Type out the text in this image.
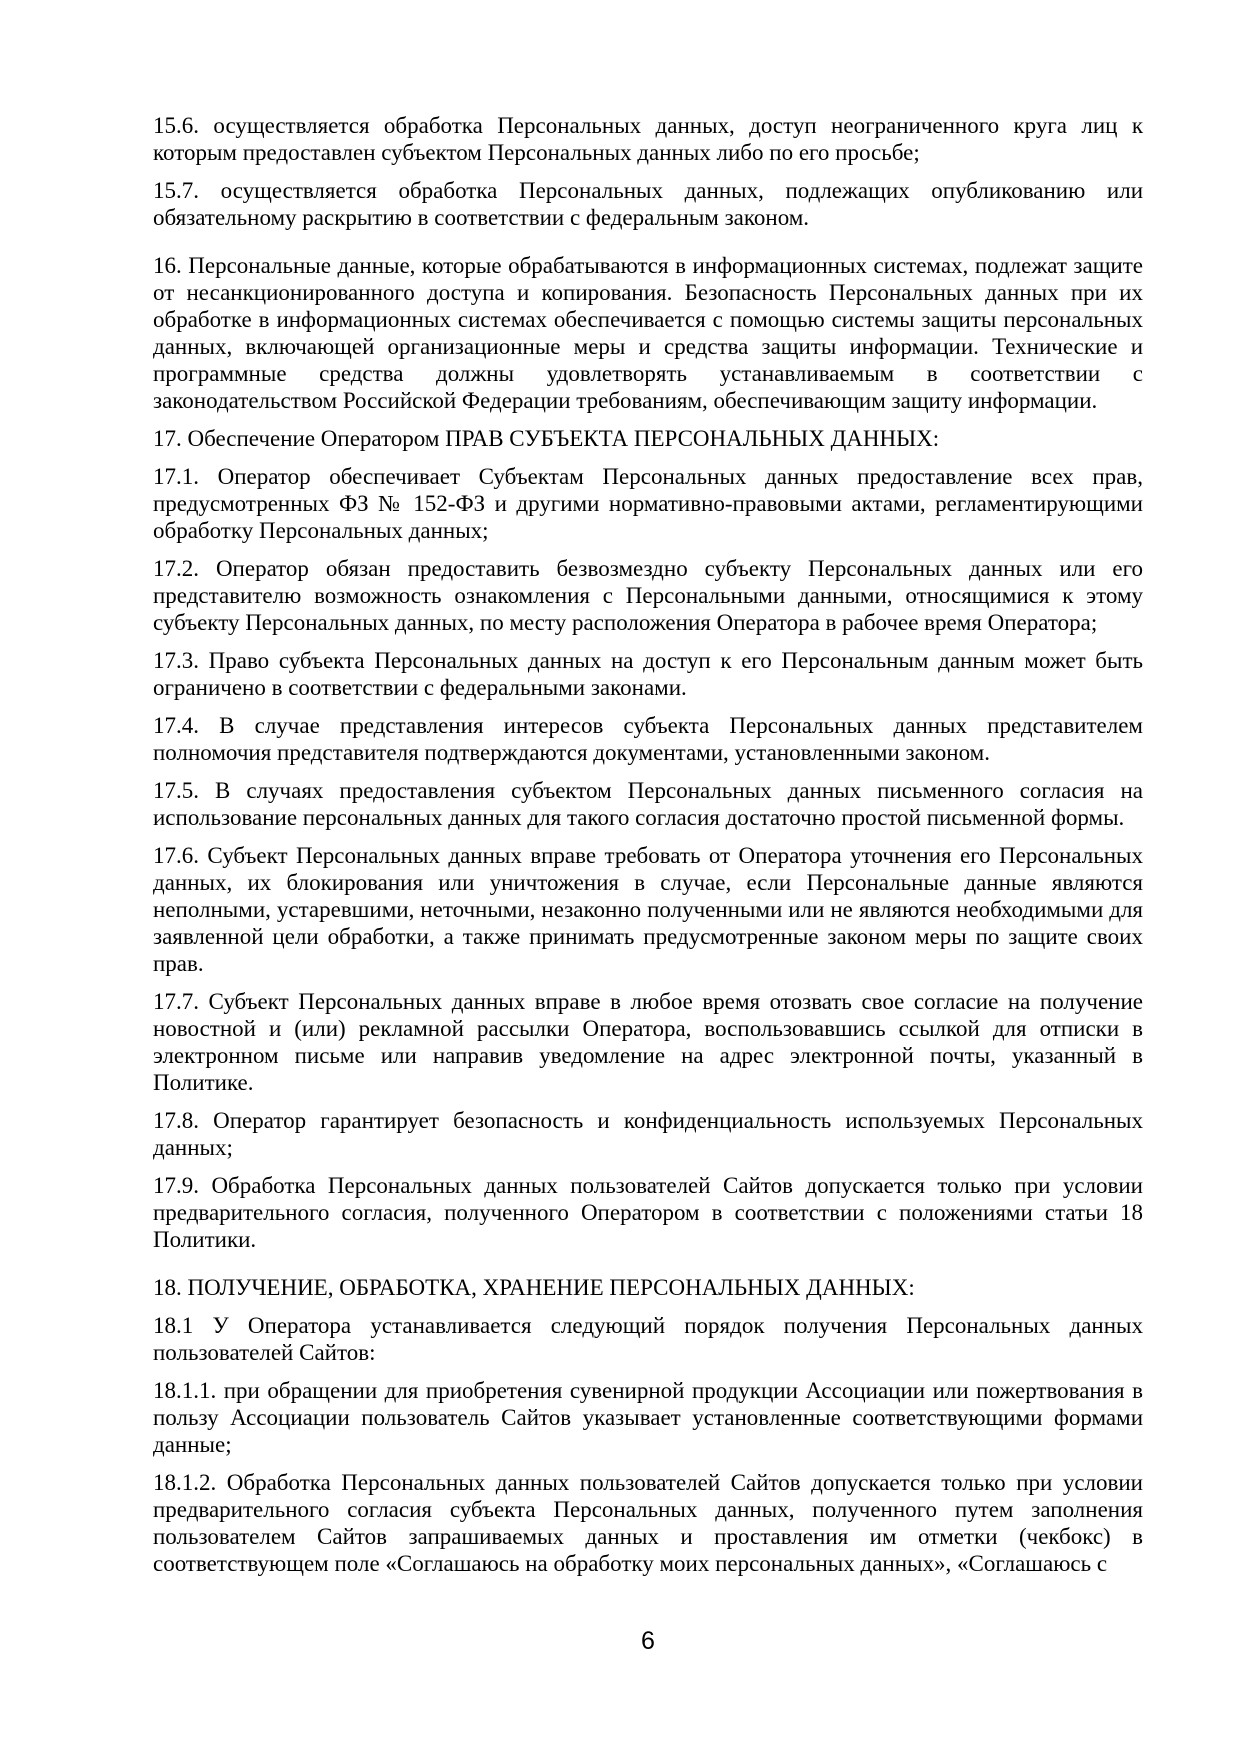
15.6. осуществляется обработка Персональных данных, доступ неограниченного круга лиц к которым предоставлен субъектом Персональных данных либо по его просьбе;

15.7. осуществляется обработка Персональных данных, подлежащих опубликованию или обязательному раскрытию в соответствии с федеральным законом.

16. Персональные данные, которые обрабатываются в информационных системах, подлежат защите от несанкционированного доступа и копирования. Безопасность Персональных данных при их обработке в информационных системах обеспечивается с помощью системы защиты персональных данных, включающей организационные меры и средства защиты информации. Технические и программные средства должны удовлетворять устанавливаемым в соответствии с законодательством Российской Федерации требованиям, обеспечивающим защиту информации.

17. Обеспечение Оператором ПРАВ СУБЪЕКТА ПЕРСОНАЛЬНЫХ ДАННЫХ:

17.1. Оператор обеспечивает Субъектам Персональных данных предоставление всех прав, предусмотренных ФЗ № 152-ФЗ и другими нормативно-правовыми актами, регламентирующими обработку Персональных данных;

17.2. Оператор обязан предоставить безвозмездно субъекту Персональных данных или его представителю возможность ознакомления с Персональными данными, относящимися к этому субъекту Персональных данных, по месту расположения Оператора в рабочее время Оператора;

17.3. Право субъекта Персональных данных на доступ к его Персональным данным может быть ограничено в соответствии с федеральными законами.

17.4. В случае представления интересов субъекта Персональных данных представителем полномочия представителя подтверждаются документами, установленными законом.

17.5. В случаях предоставления субъектом Персональных данных письменного согласия на использование персональных данных для такого согласия достаточно простой письменной формы.

17.6. Субъект Персональных данных вправе требовать от Оператора уточнения его Персональных данных, их блокирования или уничтожения в случае, если Персональные данные являются неполными, устаревшими, неточными, незаконно полученными или не являются необходимыми для заявленной цели обработки, а также принимать предусмотренные законом меры по защите своих прав.

17.7. Субъект Персональных данных вправе в любое время отозвать свое согласие на получение новостной и (или) рекламной рассылки Оператора, воспользовавшись ссылкой для отписки в электронном письме или направив уведомление на адрес электронной почты, указанный в Политике.

17.8. Оператор гарантирует безопасность и конфиденциальность используемых Персональных данных;

17.9. Обработка Персональных данных пользователей Сайтов допускается только при условии предварительного согласия, полученного Оператором в соответствии с положениями статьи 18 Политики.

18. ПОЛУЧЕНИЕ, ОБРАБОТКА, ХРАНЕНИЕ ПЕРСОНАЛЬНЫХ ДАННЫХ:

18.1 У Оператора устанавливается следующий порядок получения Персональных данных пользователей Сайтов:

18.1.1. при обращении для приобретения сувенирной продукции Ассоциации или пожертвования в пользу Ассоциации пользователь Сайтов указывает установленные соответствующими формами данные;

18.1.2. Обработка Персональных данных пользователей Сайтов допускается только при условии предварительного согласия субъекта Персональных данных, полученного путем заполнения пользователем Сайтов запрашиваемых данных и проставления им отметки (чекбокс) в соответствующем поле «Соглашаюсь на обработку моих персональных данных», «Соглашаюсь с

6
